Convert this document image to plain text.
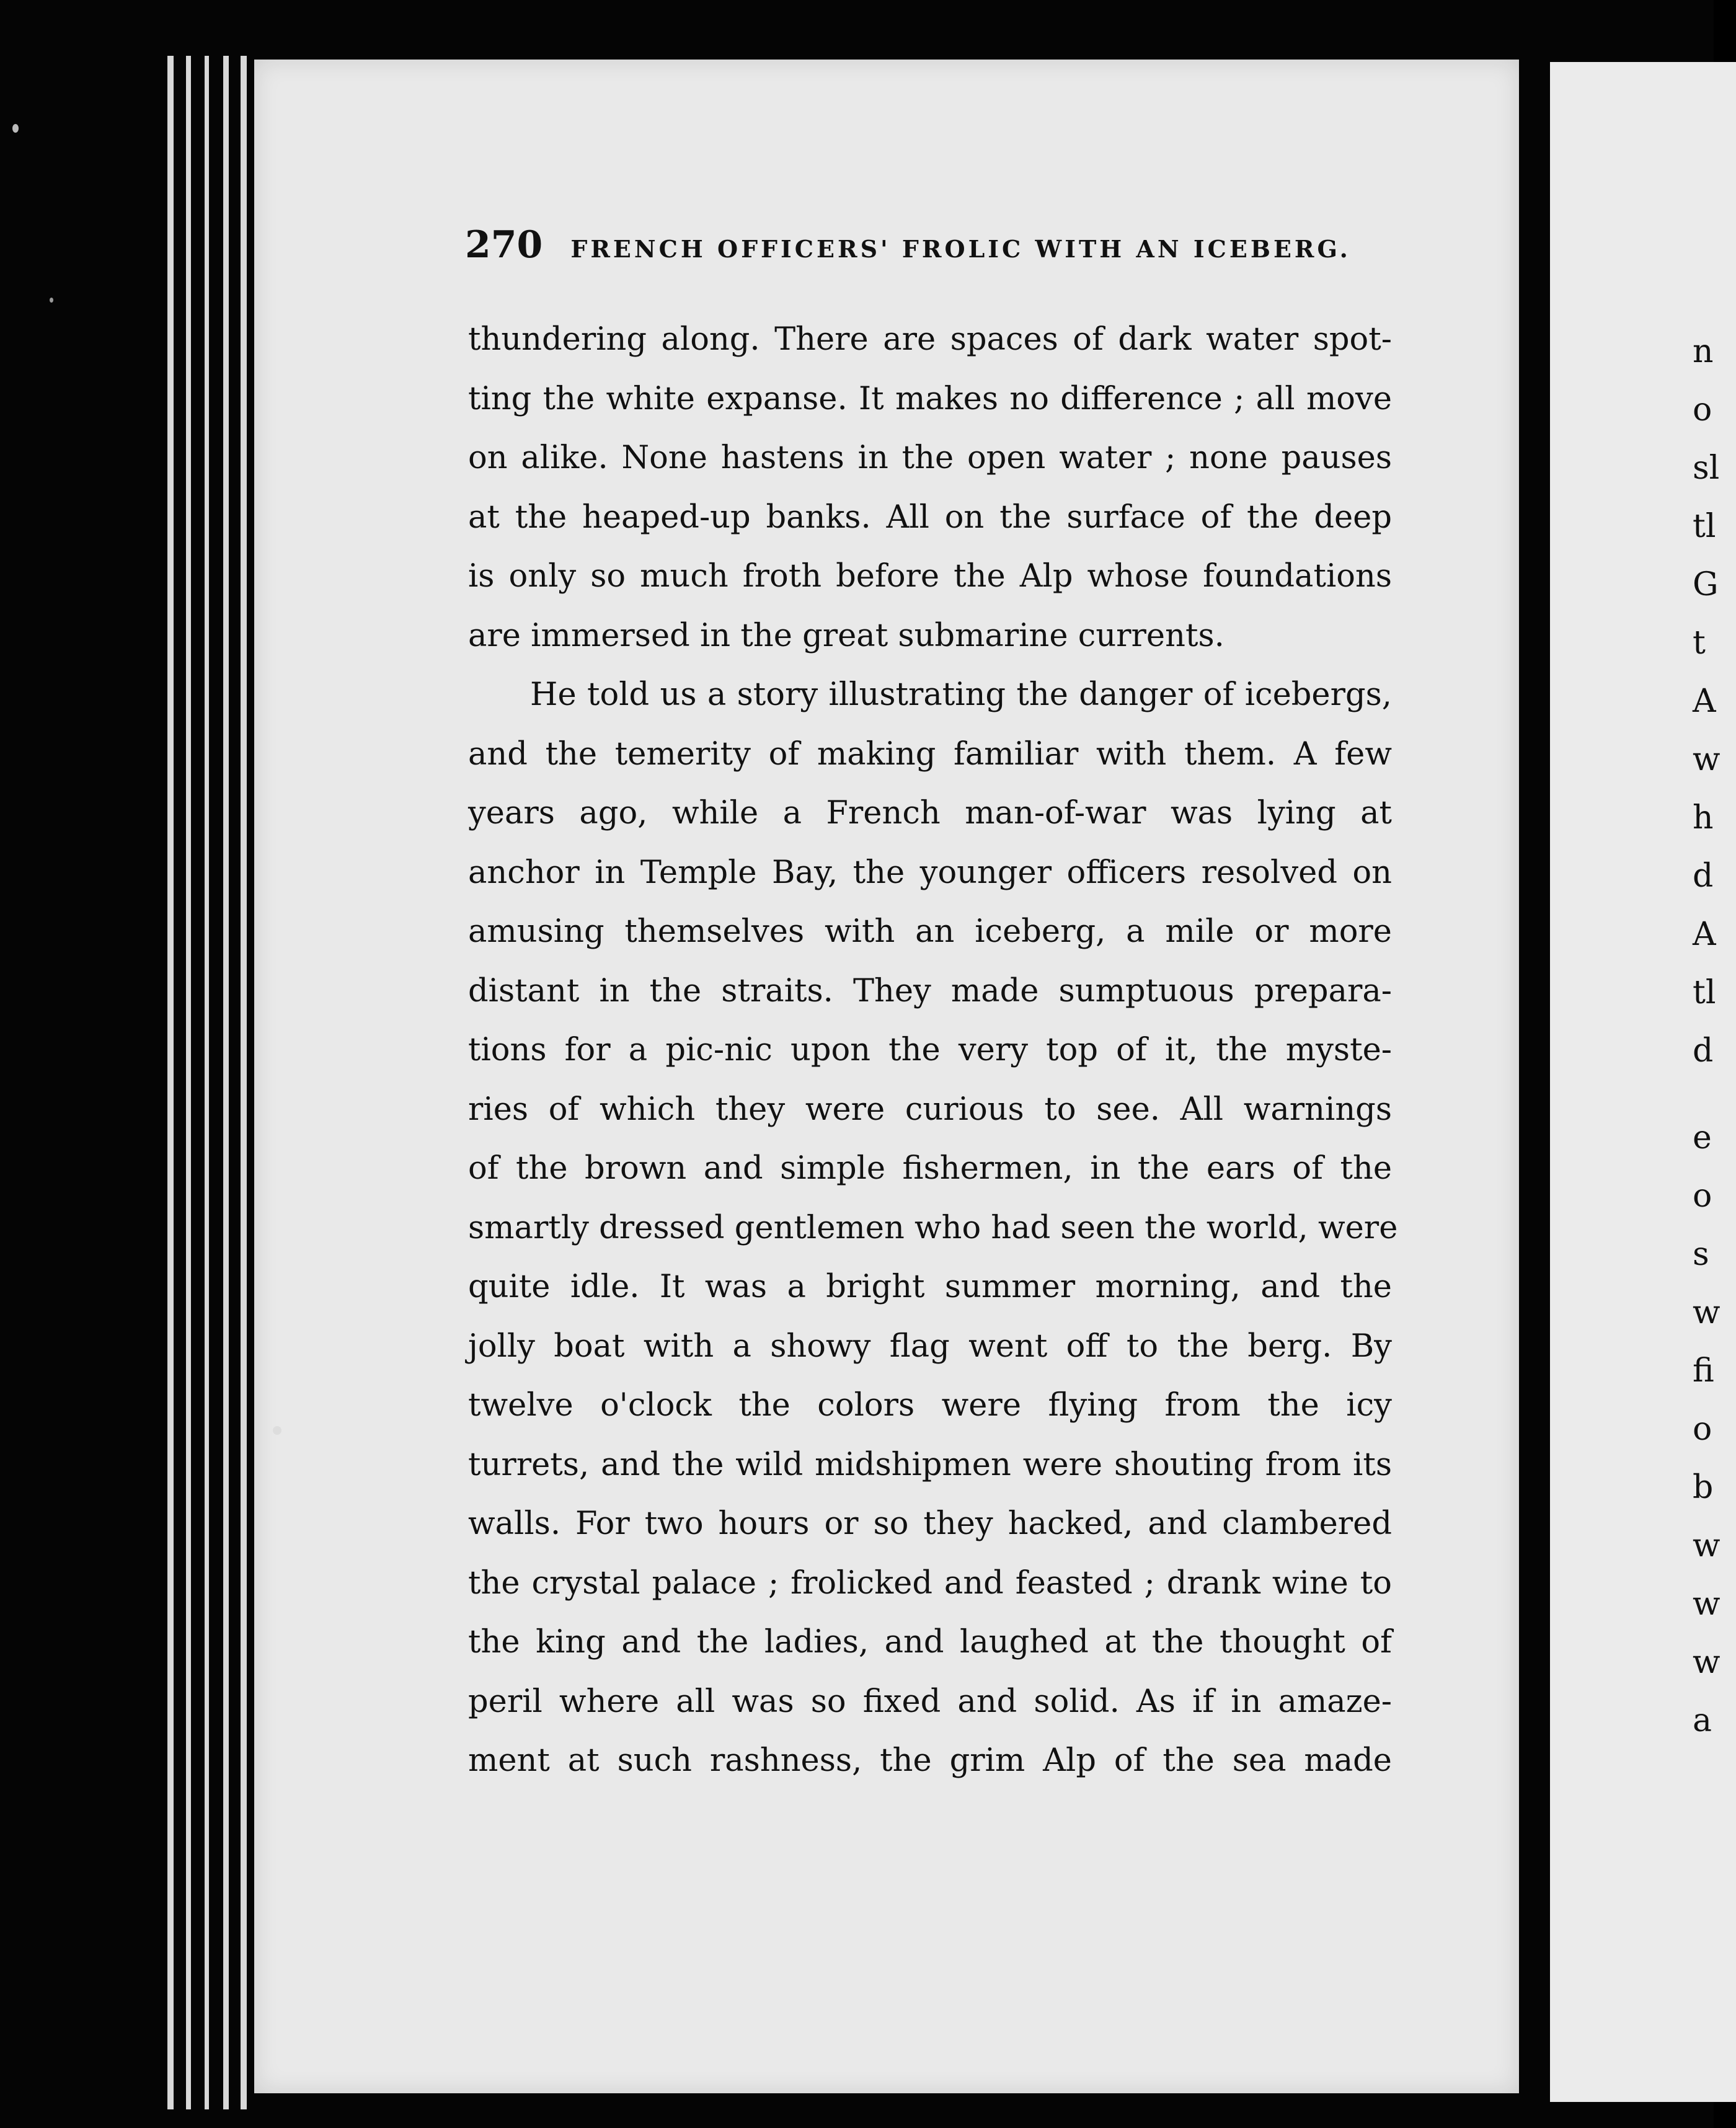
n
o
sl
tl
G
t
A
w
h
d
A
tl
d
e
o
s
w
fi
o
b
w
w
w
a
270 FRENCH OFFICERS' FROLIC WITH AN ICEBERG.
thundering along. There are spaces of dark water spot-
ting the white expanse. It makes no difference ; all move
on alike. None hastens in the open water ; none pauses
at the heaped-up banks. All on the surface of the deep
is only so much froth before the Alp whose foundations
are immersed in the great submarine currents.
He told us a story illustrating the danger of icebergs,
and the temerity of making familiar with them. A few
years ago, while a French man-of-war was lying at
anchor in Temple Bay, the younger officers resolved on
amusing themselves with an iceberg, a mile or more
distant in the straits. They made sumptuous prepara-
tions for a pic-nic upon the very top of it, the myste-
ries of which they were curious to see. All warnings
of the brown and simple fishermen, in the ears of the
smartly dressed gentlemen who had seen the world, were
quite idle. It was a bright summer morning, and the
jolly boat with a showy flag went off to the berg. By
twelve o'clock the colors were flying from the icy
turrets, and the wild midshipmen were shouting from its
walls. For two hours or so they hacked, and clambered
the crystal palace ; frolicked and feasted ; drank wine to
the king and the ladies, and laughed at the thought of
peril where all was so fixed and solid. As if in amaze-
ment at such rashness, the grim Alp of the sea made
